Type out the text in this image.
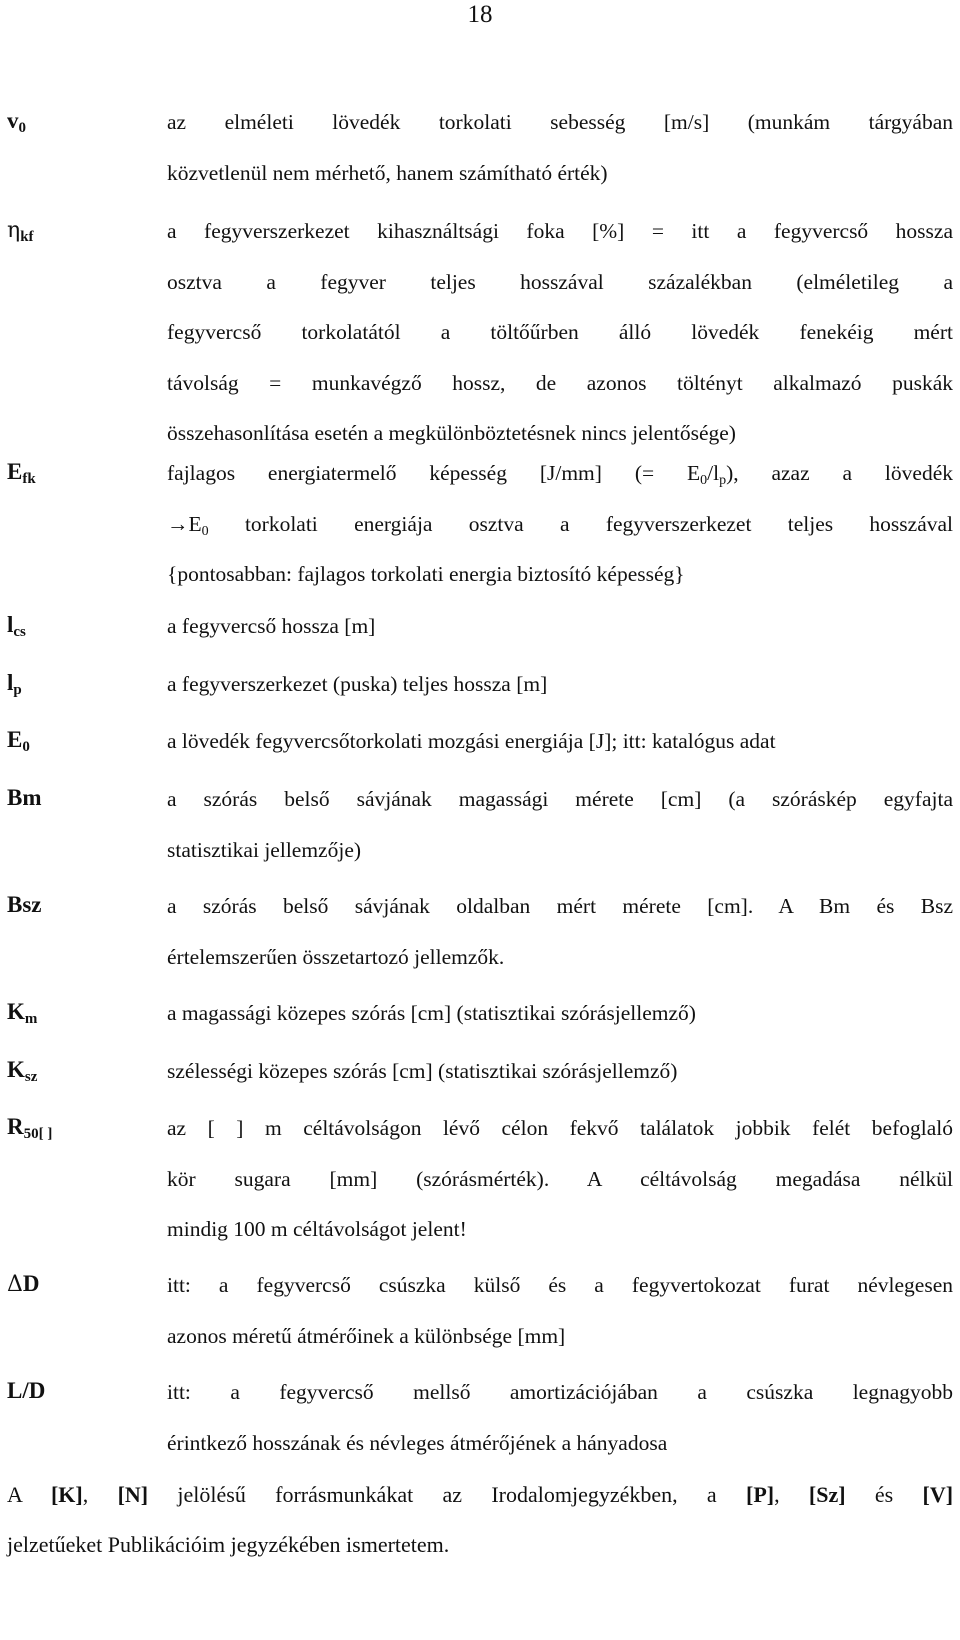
18
$v_0$	az elméleti lövedék torkolati sebesség [m/s] (munkám tárgyában
közvetlenül nem mérhető, hanem számítható érték)
$\eta_{kf}$	a fegyverszerkezet kihasználtsági foka [%] = itt a fegyvercső hossza
osztva a fegyver teljes hosszával százalékban (elméletileg a
fegyvercső torkolatától a töltőűrben álló lövedék fenekéig mért
távolság = munkavégző hossz, de azonos töltényt alkalmazó puskák
összehasonlítása esetén a megkülönböztetésnek nincs jelentősége)
$E_{fk}$	fajlagos energiatermelő képesség [J/mm] (= $E_0/l_p$), azaz a lövedék
$\to E_0$ torkolati energiája osztva a fegyverszerkezet teljes hosszával
{pontosabban: fajlagos torkolati energia biztosító képesség}
$l_{cs}$	a fegyvercső hossza [m]
$l_p$	a fegyverszerkezet (puska) teljes hossza [m]
$E_0$	a lövedék fegyvercsőtorkolati mozgási energiája [J]; itt: katalógus adat
Bm	a szórás belső sávjának magassági mérete [cm] (a szóráskép egyfajta
statisztikai jellemzője)
Bsz	a szórás belső sávjának oldalban mért mérete [cm]. A Bm és Bsz
értelemszerűen összetartozó jellemzők.
$K_m$	a magassági közepes szórás [cm] (statisztikai szórásjellemző)
$K_{sz}$	szélességi közepes szórás [cm] (statisztikai szórásjellemző)
$R_{50[ ]}$	az [ ] m céltávolságon lévő célon fekvő találatok jobbik felét befoglaló
kör sugara [mm] (szórásmérték). A céltávolság megadása nélkül
mindig 100 m céltávolságot jelent!
ΔD	itt: a fegyvercső csúszka külső és a fegyvertokozat furat névlegesen
azonos méretű átmérőinek a különbsége [mm]
L/D	itt: a fegyvercső mellső amortizációjában a csúszka legnagyobb
érintkező hosszának és névleges átmérőjének a hányadosa
A [K], [N] jelölésű forrásmunkákat az Irodalomjegyzékben, a [P], [Sz] és [V]
jelzetűeket Publikációim jegyzékében ismertetem.
